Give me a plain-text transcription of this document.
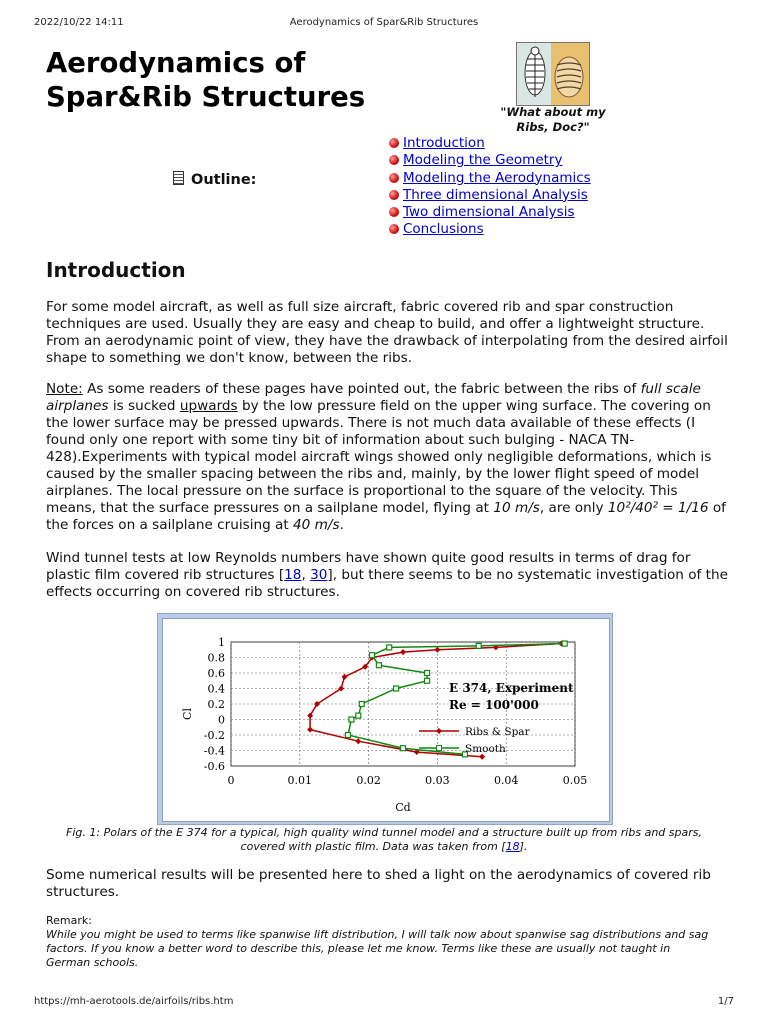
2022/10/22 14:11	Aerodynamics of Spar&Rib Structures
Aerodynamics of
Spar&Rib Structures	"What about my Ribs, Doc?"
Outline:
Introduction
Modeling the Geometry
Modeling the Aerodynamics
Three dimensional Analysis
Two dimensional Analysis
Conclusions
Introduction
For some model aircraft, as well as full size aircraft, fabric covered rib and spar construction techniques are used. Usually they are easy and cheap to build, and offer a lightweight structure. From an aerodynamic point of view, they have the drawback of interpolating from the desired airfoil shape to something we don't know, between the ribs.
Note: As some readers of these pages have pointed out, the fabric between the ribs of full scale airplanes is sucked upwards by the low pressure field on the upper wing surface. The covering on the lower surface may be pressed upwards. There is not much data available of these effects (I found only one report with some tiny bit of information about such bulging - NACA TN-428).Experiments with typical model aircraft wings showed only negligible deformations, which is caused by the smaller spacing between the ribs and, mainly, by the lower flight speed of model airplanes. The local pressure on the surface is proportional to the square of the velocity. This means, that the surface pressures on a sailplane model, flying at 10 m/s, are only 10²/40² = 1/16 of the forces on a sailplane cruising at 40 m/s.
Wind tunnel tests at low Reynolds numbers have shown quite good results in terms of drag for plastic film covered rib structures [18, 30], but there seems to be no systematic investigation of the effects occurring on covered rib structures.
1
0.8
0.6
0.4
0.2
0
-0.2
-0.4
-0.6
0	0.01	0.02	0.03	0.04	0.05
Cl
Cd
E 374, Experiment
Re = 100'000
Ribs & Spar
Smooth
Fig. 1: Polars of the E 374 for a typical, high quality wind tunnel model and a structure built up from ribs and spars, covered with plastic film. Data was taken from [18].
Some numerical results will be presented here to shed a light on the aerodynamics of covered rib structures.
Remark:
While you might be used to terms like spanwise lift distribution, I will talk now about spanwise sag distributions and sag factors. If you know a better word to describe this, please let me know. Terms like these are usually not taught in German schools.
https://mh-aerotools.de/airfoils/ribs.htm	1/7
